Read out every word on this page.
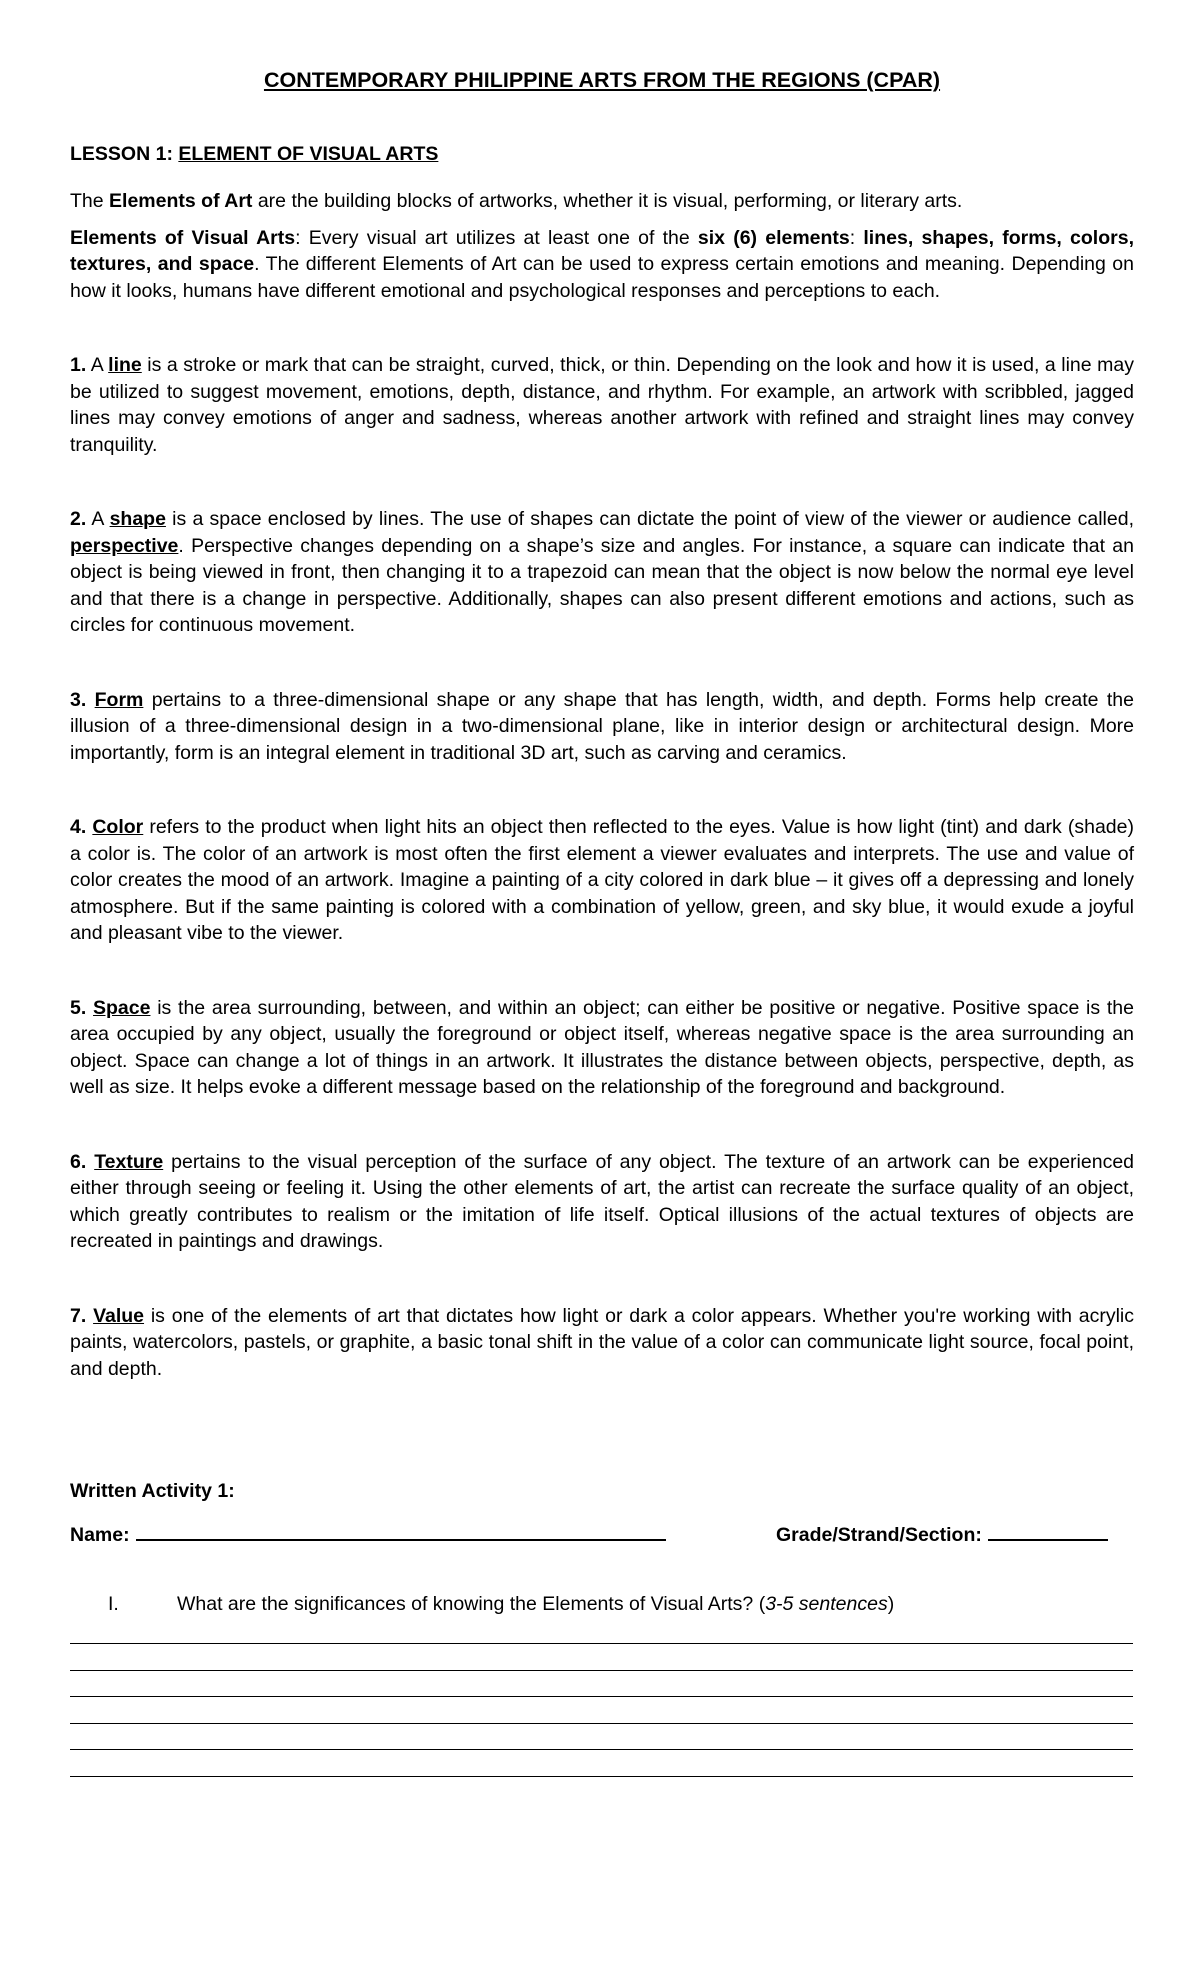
CONTEMPORARY PHILIPPINE ARTS FROM THE REGIONS (CPAR)
LESSON 1: ELEMENT OF VISUAL ARTS

The Elements of Art are the building blocks of artworks, whether it is visual, performing, or literary arts.

Elements of Visual Arts: Every visual art utilizes at least one of the six (6) elements: lines, shapes, forms, colors, textures, and space. The different Elements of Art can be used to express certain emotions and meaning. Depending on how it looks, humans have different emotional and psychological responses and perceptions to each.

1. A line is a stroke or mark that can be straight, curved, thick, or thin. Depending on the look and how it is used, a line may be utilized to suggest movement, emotions, depth, distance, and rhythm. For example, an artwork with scribbled, jagged lines may convey emotions of anger and sadness, whereas another artwork with refined and straight lines may convey tranquility.

2. A shape is a space enclosed by lines. The use of shapes can dictate the point of view of the viewer or audience called, perspective. Perspective changes depending on a shape’s size and angles. For instance, a square can indicate that an object is being viewed in front, then changing it to a trapezoid can mean that the object is now below the normal eye level and that there is a change in perspective. Additionally, shapes can also present different emotions and actions, such as circles for continuous movement.

3. Form pertains to a three-dimensional shape or any shape that has length, width, and depth. Forms help create the illusion of a three-dimensional design in a two-dimensional plane, like in interior design or architectural design. More importantly, form is an integral element in traditional 3D art, such as carving and ceramics.

4. Color refers to the product when light hits an object then reflected to the eyes. Value is how light (tint) and dark (shade) a color is. The color of an artwork is most often the first element a viewer evaluates and interprets. The use and value of color creates the mood of an artwork. Imagine a painting of a city colored in dark blue – it gives off a depressing and lonely atmosphere. But if the same painting is colored with a combination of yellow, green, and sky blue, it would exude a joyful and pleasant vibe to the viewer.

5. Space is the area surrounding, between, and within an object; can either be positive or negative. Positive space is the area occupied by any object, usually the foreground or object itself, whereas negative space is the area surrounding an object. Space can change a lot of things in an artwork. It illustrates the distance between objects, perspective, depth, as well as size. It helps evoke a different message based on the relationship of the foreground and background.

6. Texture pertains to the visual perception of the surface of any object. The texture of an artwork can be experienced either through seeing or feeling it. Using the other elements of art, the artist can recreate the surface quality of an object, which greatly contributes to realism or the imitation of life itself. Optical illusions of the actual textures of objects are recreated in paintings and drawings.

7. Value is one of the elements of art that dictates how light or dark a color appears. Whether you're working with acrylic paints, watercolors, pastels, or graphite, a basic tonal shift in the value of a color can communicate light source, focal point, and depth.

Written Activity 1:
Name:	Grade/Strand/Section:
I.	What are the significances of knowing the Elements of Visual Arts? (3-5 sentences)
